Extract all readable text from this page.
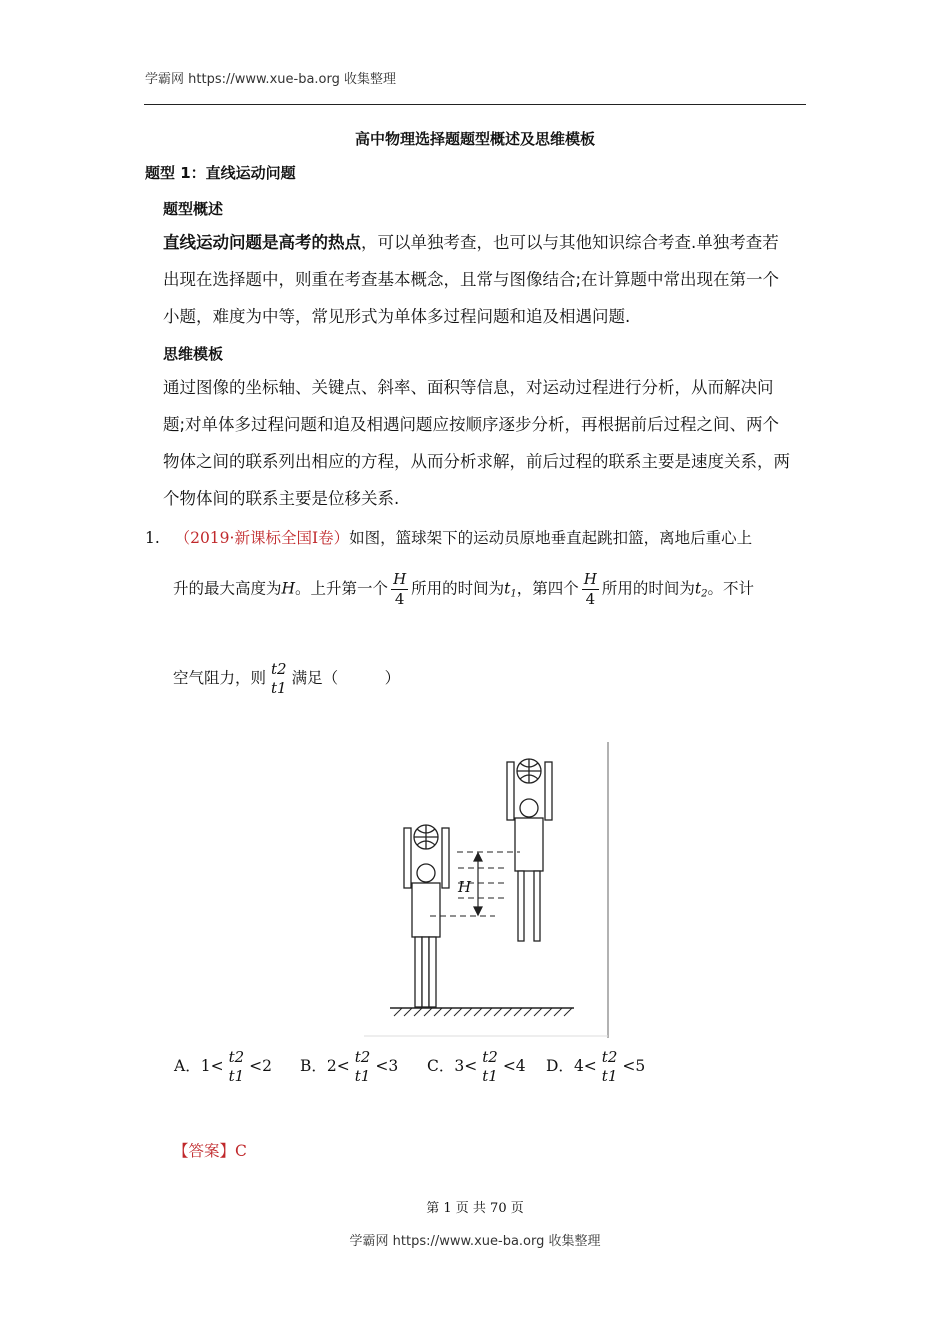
学霸网 https://www.xue-ba.org 收集整理
高中物理选择题题型概述及思维模板
题型 1：直线运动问题
题型概述
直线运动问题是高考的热点，可以单独考查，也可以与其他知识综合考查.单独考查若出现在选择题中，则重在考查基本概念，且常与图像结合;在计算题中常出现在第一个小题，难度为中等，常见形式为单体多过程问题和追及相遇问题.
思维模板
通过图像的坐标轴、关键点、斜率、面积等信息，对运动过程进行分析，从而解决问题;对单体多过程问题和追及相遇问题应按顺序逐步分析，再根据前后过程之间、两个物体之间的联系列出相应的方程，从而分析求解，前后过程的联系主要是速度关系，两个物体间的联系主要是位移关系.
1. （2019·新课标全国Ⅰ卷）如图，篮球架下的运动员原地垂直起跳扣篮，离地后重心上
升的最大高度为H。上升第一个 $\frac{H}{4}$ 所用的时间为$t_1$，第四个 $\frac{H}{4}$ 所用的时间为$t_2$。不计
空气阻力，则 t2
t1
满足（　　　）
H
A．1< t2
t1
<2 B．2< t2
t1
<3 C．3< t2
t1
<4 D．4< t2
t1
<5
【答案】C
第 1 页 共 70 页
学霸网 https://www.xue-ba.org 收集整理
